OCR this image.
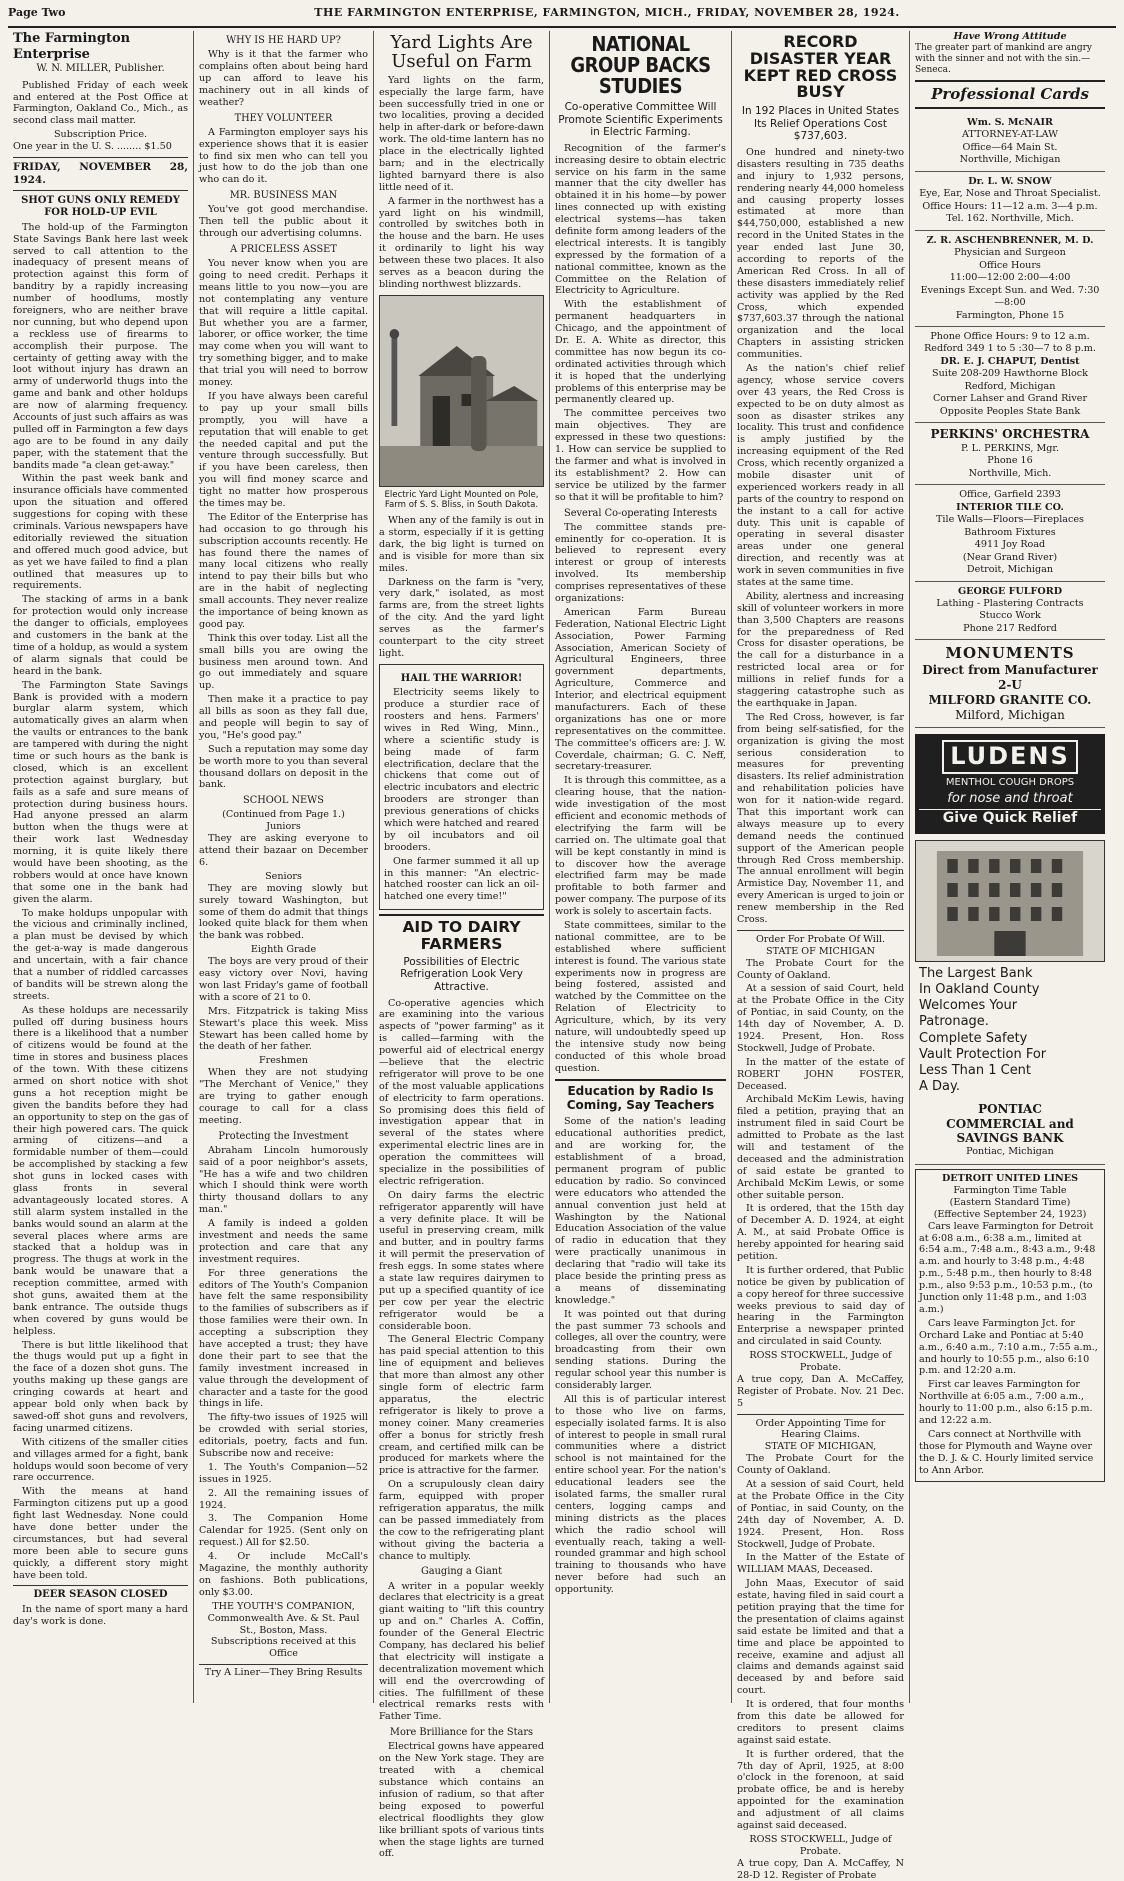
Page Two	THE FARMINGTON ENTERPRISE, FARMINGTON, MICH., FRIDAY, NOVEMBER 28, 1924.
The Farmington Enterprise
W. N. MILLER, Publisher.

Published Friday of each week and entered at the Post Office at Farmington, Oakland Co., Mich., as second class mail matter.

Subscription Price.
One year in the U. S. ........ $1.50
FRIDAY, NOVEMBER 28, 1924.
SHOT GUNS ONLY REMEDY FOR HOLD-UP EVIL

The hold-up of the Farmington State Savings Bank here last week served to call attention to the inadequacy of present means of protection against this form of banditry by a rapidly increasing number of hoodlums, mostly foreigners, who are neither brave nor cunning, but who depend upon a reckless use of firearms to accomplish their purpose. The certainty of getting away with the loot without injury has drawn an army of underworld thugs into the game and bank and other holdups are now of alarming frequency. Accounts of just such affairs as was pulled off in Farmington a few days ago are to be found in any daily paper, with the statement that the bandits made "a clean get-away."

Within the past week bank and insurance officials have commented upon the situation and offered suggestions for coping with these criminals. Various newspapers have editorially reviewed the situation and offered much good advice, but as yet we have failed to find a plan outlined that measures up to requirements.

The stacking of arms in a bank for protection would only increase the danger to officials, employees and customers in the bank at the time of a holdup, as would a system of alarm signals that could be heard in the bank.

The Farmington State Savings Bank is provided with a modern burglar alarm system, which automatically gives an alarm when the vaults or entrances to the bank are tampered with during the night time or such hours as the bank is closed, which is an excellent protection against burglary, but fails as a safe and sure means of protection during business hours. Had anyone pressed an alarm button when the thugs were at their work last Wednesday morning, it is quite likely there would have been shooting, as the robbers would at once have known that some one in the bank had given the alarm.

To make holdups unpopular with the vicious and criminally inclined, a plan must be devised by which the get-a-way is made dangerous and uncertain, with a fair chance that a number of riddled carcasses of bandits will be strewn along the streets.

As these holdups are necessarily pulled off during business hours there is a likelihood that a number of citizens would be found at the time in stores and business places of the town. With these citizens armed on short notice with shot guns a hot reception might be given the bandits before they had an opportunity to step on the gas of their high powered cars. The quick arming of citizens—and a formidable number of them—could be accomplished by stacking a few shot guns in locked cases with glass fronts in several advantageously located stores. A still alarm system installed in the banks would sound an alarm at the several places where arms are stacked that a holdup was in progress. The thugs at work in the bank would be unaware that a reception committee, armed with shot guns, awaited them at the bank entrance. The outside thugs when covered by guns would be helpless.

There is but little likelihood that the thugs would put up a fight in the face of a dozen shot guns. The youths making up these gangs are cringing cowards at heart and appear bold only when back by sawed-off shot guns and revolvers, facing unarmed citizens.

With citizens of the smaller cities and villages armed for a fight, bank holdups would soon become of very rare occurrence.

With the means at hand Farmington citizens put up a good fight last Wednesday. None could have done better under the circumstances, but had several more been able to secure guns quickly, a different story might have been told.

DEER SEASON CLOSED

In the name of sport many a hard day's work is done.

WHY IS HE HARD UP?

Why is it that the farmer who complains often about being hard up can afford to leave his machinery out in all kinds of weather?

THEY VOLUNTEER

A Farmington employer says his experience shows that it is easier to find six men who can tell you just how to do the job than one who can do it.

MR. BUSINESS MAN

You've got good merchandise. Then tell the public about it through our advertising columns.

A PRICELESS ASSET

You never know when you are going to need credit. Perhaps it means little to you now—you are not contemplating any venture that will require a little capital. But whether you are a farmer, laborer, or office worker, the time may come when you will want to try something bigger, and to make that trial you will need to borrow money.

If you have always been careful to pay up your small bills promptly, you will have a reputation that will enable to get the needed capital and put the venture through successfully. But if you have been careless, then you will find money scarce and tight no matter how prosperous the times may be.

The Editor of the Enterprise has had occasion to go through his subscription accounts recently. He has found there the names of many local citizens who really intend to pay their bills but who are in the habit of neglecting small accounts. They never realize the importance of being known as good pay.

Think this over today. List all the small bills you are owing the business men around town. And go out immediately and square up.

Then make it a practice to pay all bills as soon as they fall due, and people will begin to say of you, "He's good pay."

Such a reputation may some day be worth more to you than several thousand dollars on deposit in the bank.

SCHOOL NEWS
(Continued from Page 1.)
Juniors

They are asking everyone to attend their bazaar on December 6.

Seniors

They are moving slowly but surely toward Washington, but some of them do admit that things looked quite black for them when the bank was robbed.

Eighth Grade

The boys are very proud of their easy victory over Novi, having won last Friday's game of football with a score of 21 to 0.

Mrs. Fitzpatrick is taking Miss Stewart's place this week. Miss Stewart has been called home by the death of her father.

Freshmen

When they are not studying "The Merchant of Venice," they are trying to gather enough courage to call for a class meeting.

Protecting the Investment

Abraham Lincoln humorously said of a poor neighbor's assets, "He has a wife and two children which I should think were worth thirty thousand dollars to any man."

A family is indeed a golden investment and needs the same protection and care that any investment requires.

For three generations the editors of The Youth's Companion have felt the same responsibility to the families of subscribers as if those families were their own. In accepting a subscription they have accepted a trust; they have done their part to see that the family investment increased in value through the development of character and a taste for the good things in life.

The fifty-two issues of 1925 will be crowded with serial stories, editorials, poetry, facts and fun. Subscribe now and receive:

1. The Youth's Companion—52 issues in 1925.

2. All the remaining issues of 1924.

3. The Companion Home Calendar for 1925. (Sent only on request.) All for $2.50.

4. Or include McCall's Magazine, the monthly authority on fashions. Both publications, only $3.00.

THE YOUTH'S COMPANION,
Commonwealth Ave. & St. Paul St., Boston, Mass.
Subscriptions received at this Office
Try A Liner—They Bring Results
Yard Lights Are Useful on Farm

Yard lights on the farm, especially the large farm, have been successfully tried in one or two localities, proving a decided help in after-dark or before-dawn work. The old-time lantern has no place in the electrically lighted barn; and in the electrically lighted barnyard there is also little need of it.

A farmer in the northwest has a yard light on his windmill, controlled by switches both in the house and the barn. He uses it ordinarily to light his way between these two places. It also serves as a beacon during the blinding northwest blizzards.

Electric Yard Light Mounted on Pole, Farm of S. S. Bliss, in South Dakota.

When any of the family is out in a storm, especially if it is getting dark, the big light is turned on and is visible for more than six miles.

Darkness on the farm is "very, very dark," isolated, as most farms are, from the street lights of the city. And the yard light serves as the farmer's counterpart to the city street light.

HAIL THE WARRIOR!

Electricity seems likely to produce a sturdier race of roosters and hens. Farmers' wives in Red Wing, Minn., where a scientific study is being made of farm electrification, declare that the chickens that come out of electric incubators and electric brooders are stronger than previous generations of chicks which were hatched and reared by oil incubators and oil brooders.

One farmer summed it all up in this manner: "An electric-hatched rooster can lick an oil-hatched one every time!"

AID TO DAIRY FARMERS
Possibilities of Electric Refrigeration Look Very Attractive.

Co-operative agencies which are examining into the various aspects of "power farming" as it is called—farming with the powerful aid of electrical energy—believe that the electric refrigerator will prove to be one of the most valuable applications of electricity to farm operations. So promising does this field of investigation appear that in several of the states where experimental electric lines are in operation the committees will specialize in the possibilities of electric refrigeration.

On dairy farms the electric refrigerator apparently will have a very definite place. It will be useful in preserving cream, milk and butter, and in poultry farms it will permit the preservation of fresh eggs. In some states where a state law requires dairymen to put up a specified quantity of ice per cow per year the electric refrigerator would be a considerable boon.

The General Electric Company has paid special attention to this line of equipment and believes that more than almost any other single form of electric farm apparatus, the electric refrigerator is likely to prove a money coiner. Many creameries offer a bonus for strictly fresh cream, and certified milk can be produced for markets where the price is attractive for the farmer.

On a scrupulously clean dairy farm, equipped with proper refrigeration apparatus, the milk can be passed immediately from the cow to the refrigerating plant without giving the bacteria a chance to multiply.

Gauging a Giant

A writer in a popular weekly declares that electricity is a great giant waiting to "lift this country up and on." Charles A. Coffin, founder of the General Electric Company, has declared his belief that electricity will instigate a decentralization movement which will end the overcrowding of cities. The fulfillment of these electrical remarks rests with Father Time.

More Brilliance for the Stars

Electrical gowns have appeared on the New York stage. They are treated with a chemical substance which contains an infusion of radium, so that after being exposed to powerful electrical floodlights they glow like brilliant spots of various tints when the stage lights are turned off.

NATIONAL GROUP BACKS STUDIES
Co-operative Committee Will Promote Scientific Experiments in Electric Farming.

Recognition of the farmer's increasing desire to obtain electric service on his farm in the same manner that the city dweller has obtained it in his home—by power lines connected up with existing electrical systems—has taken definite form among leaders of the electrical interests. It is tangibly expressed by the formation of a national committee, known as the Committee on the Relation of Electricity to Agriculture.

With the establishment of permanent headquarters in Chicago, and the appointment of Dr. E. A. White as director, this committee has now begun its co-ordinated activities through which it is hoped that the underlying problems of this enterprise may be permanently cleared up.

The committee perceives two main objectives. They are expressed in these two questions: 1. How can service be supplied to the farmer and what is involved in its establishment? 2. How can service be utilized by the farmer so that it will be profitable to him?

Several Co-operating Interests

The committee stands pre-eminently for co-operation. It is believed to represent every interest or group of interests involved. Its membership comprises representatives of these organizations:

American Farm Bureau Federation, National Electric Light Association, Power Farming Association, American Society of Agricultural Engineers, three government departments, Agriculture, Commerce and Interior, and electrical equipment manufacturers. Each of these organizations has one or more representatives on the committee. The committee's officers are: J. W. Coverdale, chairman; G. C. Neff, secretary-treasurer.

It is through this committee, as a clearing house, that the nation-wide investigation of the most efficient and economic methods of electrifying the farm will be carried on. The ultimate goal that will be kept constantly in mind is to discover how the average electrified farm may be made profitable to both farmer and power company. The purpose of its work is solely to ascertain facts.

State committees, similar to the national committee, are to be established where sufficient interest is found. The various state experiments now in progress are being fostered, assisted and watched by the Committee on the Relation of Electricity to Agriculture, which, by its very nature, will undoubtedly speed up the intensive study now being conducted of this whole broad question.

Education by Radio Is Coming, Say Teachers

Some of the nation's leading educational authorities predict, and are working for, the establishment of a broad, permanent program of public education by radio. So convinced were educators who attended the annual convention just held at Washington by the National Education Association of the value of radio in education that they were practically unanimous in declaring that "radio will take its place beside the printing press as a means of disseminating knowledge."

It was pointed out that during the past summer 73 schools and colleges, all over the country, were broadcasting from their own sending stations. During the regular school year this number is considerably larger.

All this is of particular interest to those who live on farms, especially isolated farms. It is also of interest to people in small rural communities where a district school is not maintained for the entire school year. For the nation's educational leaders see the isolated farms, the smaller rural centers, logging camps and mining districts as the places which the radio school will eventually reach, taking a well-rounded grammar and high school training to thousands who have never before had such an opportunity.

RECORD DISASTER YEAR KEPT RED CROSS BUSY
In 192 Places in United States Its Relief Operations Cost $737,603.

One hundred and ninety-two disasters resulting in 735 deaths and injury to 1,932 persons, rendering nearly 44,000 homeless and causing property losses estimated at more than $44,750,000, established a new record in the United States in the year ended last June 30, according to reports of the American Red Cross. In all of these disasters immediately relief activity was applied by the Red Cross, which expended $737,603.37 through the national organization and the local Chapters in assisting stricken communities.

As the nation's chief relief agency, whose service covers over 43 years, the Red Cross is expected to be on duty almost as soon as disaster strikes any locality. This trust and confidence is amply justified by the increasing equipment of the Red Cross, which recently organized a mobile disaster unit of experienced workers ready in all parts of the country to respond on the instant to a call for active duty. This unit is capable of operating in several disaster areas under one general direction, and recently was at work in seven communities in five states at the same time.

Ability, alertness and increasing skill of volunteer workers in more than 3,500 Chapters are reasons for the preparedness of Red Cross for disaster operations, be the call for a disturbance in a restricted local area or for millions in relief funds for a staggering catastrophe such as the earthquake in Japan.

The Red Cross, however, is far from being self-satisfied, for the organization is giving the most serious consideration to measures for preventing disasters. Its relief administration and rehabilitation policies have won for it nation-wide regard. That this important work can always measure up to every demand needs the continued support of the American people through Red Cross membership. The annual enrollment will begin Armistice Day, November 11, and every American is urged to join or renew membership in the Red Cross.

Order For Probate Of Will.
STATE OF MICHIGAN

The Probate Court for the County of Oakland.

At a session of said Court, held at the Probate Office in the City of Pontiac, in said County, on the 14th day of November, A. D. 1924. Present, Hon. Ross Stockwell, Judge of Probate.

In the matter of the estate of ROBERT JOHN FOSTER, Deceased.

Archibald McKim Lewis, having filed a petition, praying that an instrument filed in said Court be admitted to Probate as the last will and testament of the deceased and the administration of said estate be granted to Archibald McKim Lewis, or some other suitable person.

It is ordered, that the 15th day of December A. D. 1924, at eight A. M., at said Probate Office is hereby appointed for hearing said petition.

It is further ordered, that Public notice be given by publication of a copy hereof for three successive weeks previous to said day of hearing in the Farmington Enterprise a newspaper printed and circulated in said County.

ROSS STOCKWELL, Judge of Probate.
A true copy, Dan A. McCaffey, Register of Probate. Nov. 21 Dec. 5
Order Appointing Time for Hearing Claims.
STATE OF MICHIGAN,

The Probate Court for the County of Oakland.

At a session of said Court, held at the Probate Office in the City of Pontiac, in said County, on the 24th day of November, A. D. 1924. Present, Hon. Ross Stockwell, Judge of Probate.

In the Matter of the Estate of WILLIAM MAAS, Deceased.

John Maas, Executor of said estate, having filed in said court a petition praying that the time for the presentation of claims against said estate be limited and that a time and place be appointed to receive, examine and adjust all claims and demands against said deceased by and before said court.

It is ordered, that four months from this date be allowed for creditors to present claims against said estate.

It is further ordered, that the 7th day of April, 1925, at 8:00 o'clock in the forenoon, at said probate office, be and is hereby appointed for the examination and adjustment of all claims against said deceased.

ROSS STOCKWELL, Judge of Probate.
A true copy, Dan A. McCaffey, N 28-D 12. Register of Probate
Have Wrong Attitude
The greater part of mankind are angry with the sinner and not with the sin.—Seneca.
Professional Cards
Wm. S. McNAIR
ATTORNEY-AT-LAW
Office—64 Main St.
Northville, Michigan
Dr. L. W. SNOW
Eye, Ear, Nose and Throat Specialist.
Office Hours: 11—12 a.m. 3—4 p.m.
Tel. 162. Northville, Mich.
Z. R. ASCHENBRENNER, M. D.
Physician and Surgeon
Office Hours
11:00—12:00 2:00—4:00
Evenings Except Sun. and Wed. 7:30—8:00
Farmington, Phone 15
Phone Office Hours: 9 to 12 a.m.
Redford 349 1 to 5 :30—7 to 8 p.m.
DR. E. J. CHAPUT, Dentist
Suite 208-209 Hawthorne Block
Redford, Michigan
Corner Lahser and Grand River
Opposite Peoples State Bank
PERKINS' ORCHESTRA
P. L. PERKINS, Mgr.
Phone 16
Northville, Mich.
Office, Garfield 2393
INTERIOR TILE CO.
Tile Walls—Floors—Fireplaces
Bathroom Fixtures
4911 Joy Road
(Near Grand River)
Detroit, Michigan
GEORGE FULFORD
Lathing - Plastering Contracts
Stucco Work
Phone 217 Redford
MONUMENTS
Direct from Manufacturer
2-U
MILFORD GRANITE CO.
Milford, Michigan
LUDENS
MENTHOL COUGH DROPS
for nose and throat
Give Quick Relief
The Largest Bank
In Oakland County
Welcomes Your
Patronage.
Complete Safety
Vault Protection For
Less Than 1 Cent
A Day.
PONTIAC
COMMERCIAL and
SAVINGS BANK
Pontiac, Michigan
DETROIT UNITED LINES
Farmington Time Table
(Eastern Standard Time)
(Effective September 24, 1923)

Cars leave Farmington for Detroit at 6:08 a.m., 6:38 a.m., limited at 6:54 a.m., 7:48 a.m., 8:43 a.m., 9:48 a.m. and hourly to 3:48 p.m., 4:48 p.m., 5:48 p.m., then hourly to 8:48 p.m., also 9:53 p.m., 10:53 p.m., (to Junction only 11:48 p.m., and 1:03 a.m.)

Cars leave Farmington Jct. for Orchard Lake and Pontiac at 5:40 a.m., 6:40 a.m., 7:10 a.m., 7:55 a.m., and hourly to 10:55 p.m., also 6:10 p.m. and 12:20 a.m.

First car leaves Farmington for Northville at 6:05 a.m., 7:00 a.m., hourly to 11:00 p.m., also 6:15 p.m. and 12:22 a.m.

Cars connect at Northville with those for Plymouth and Wayne over the D. J. & C. Hourly limited service to Ann Arbor.
